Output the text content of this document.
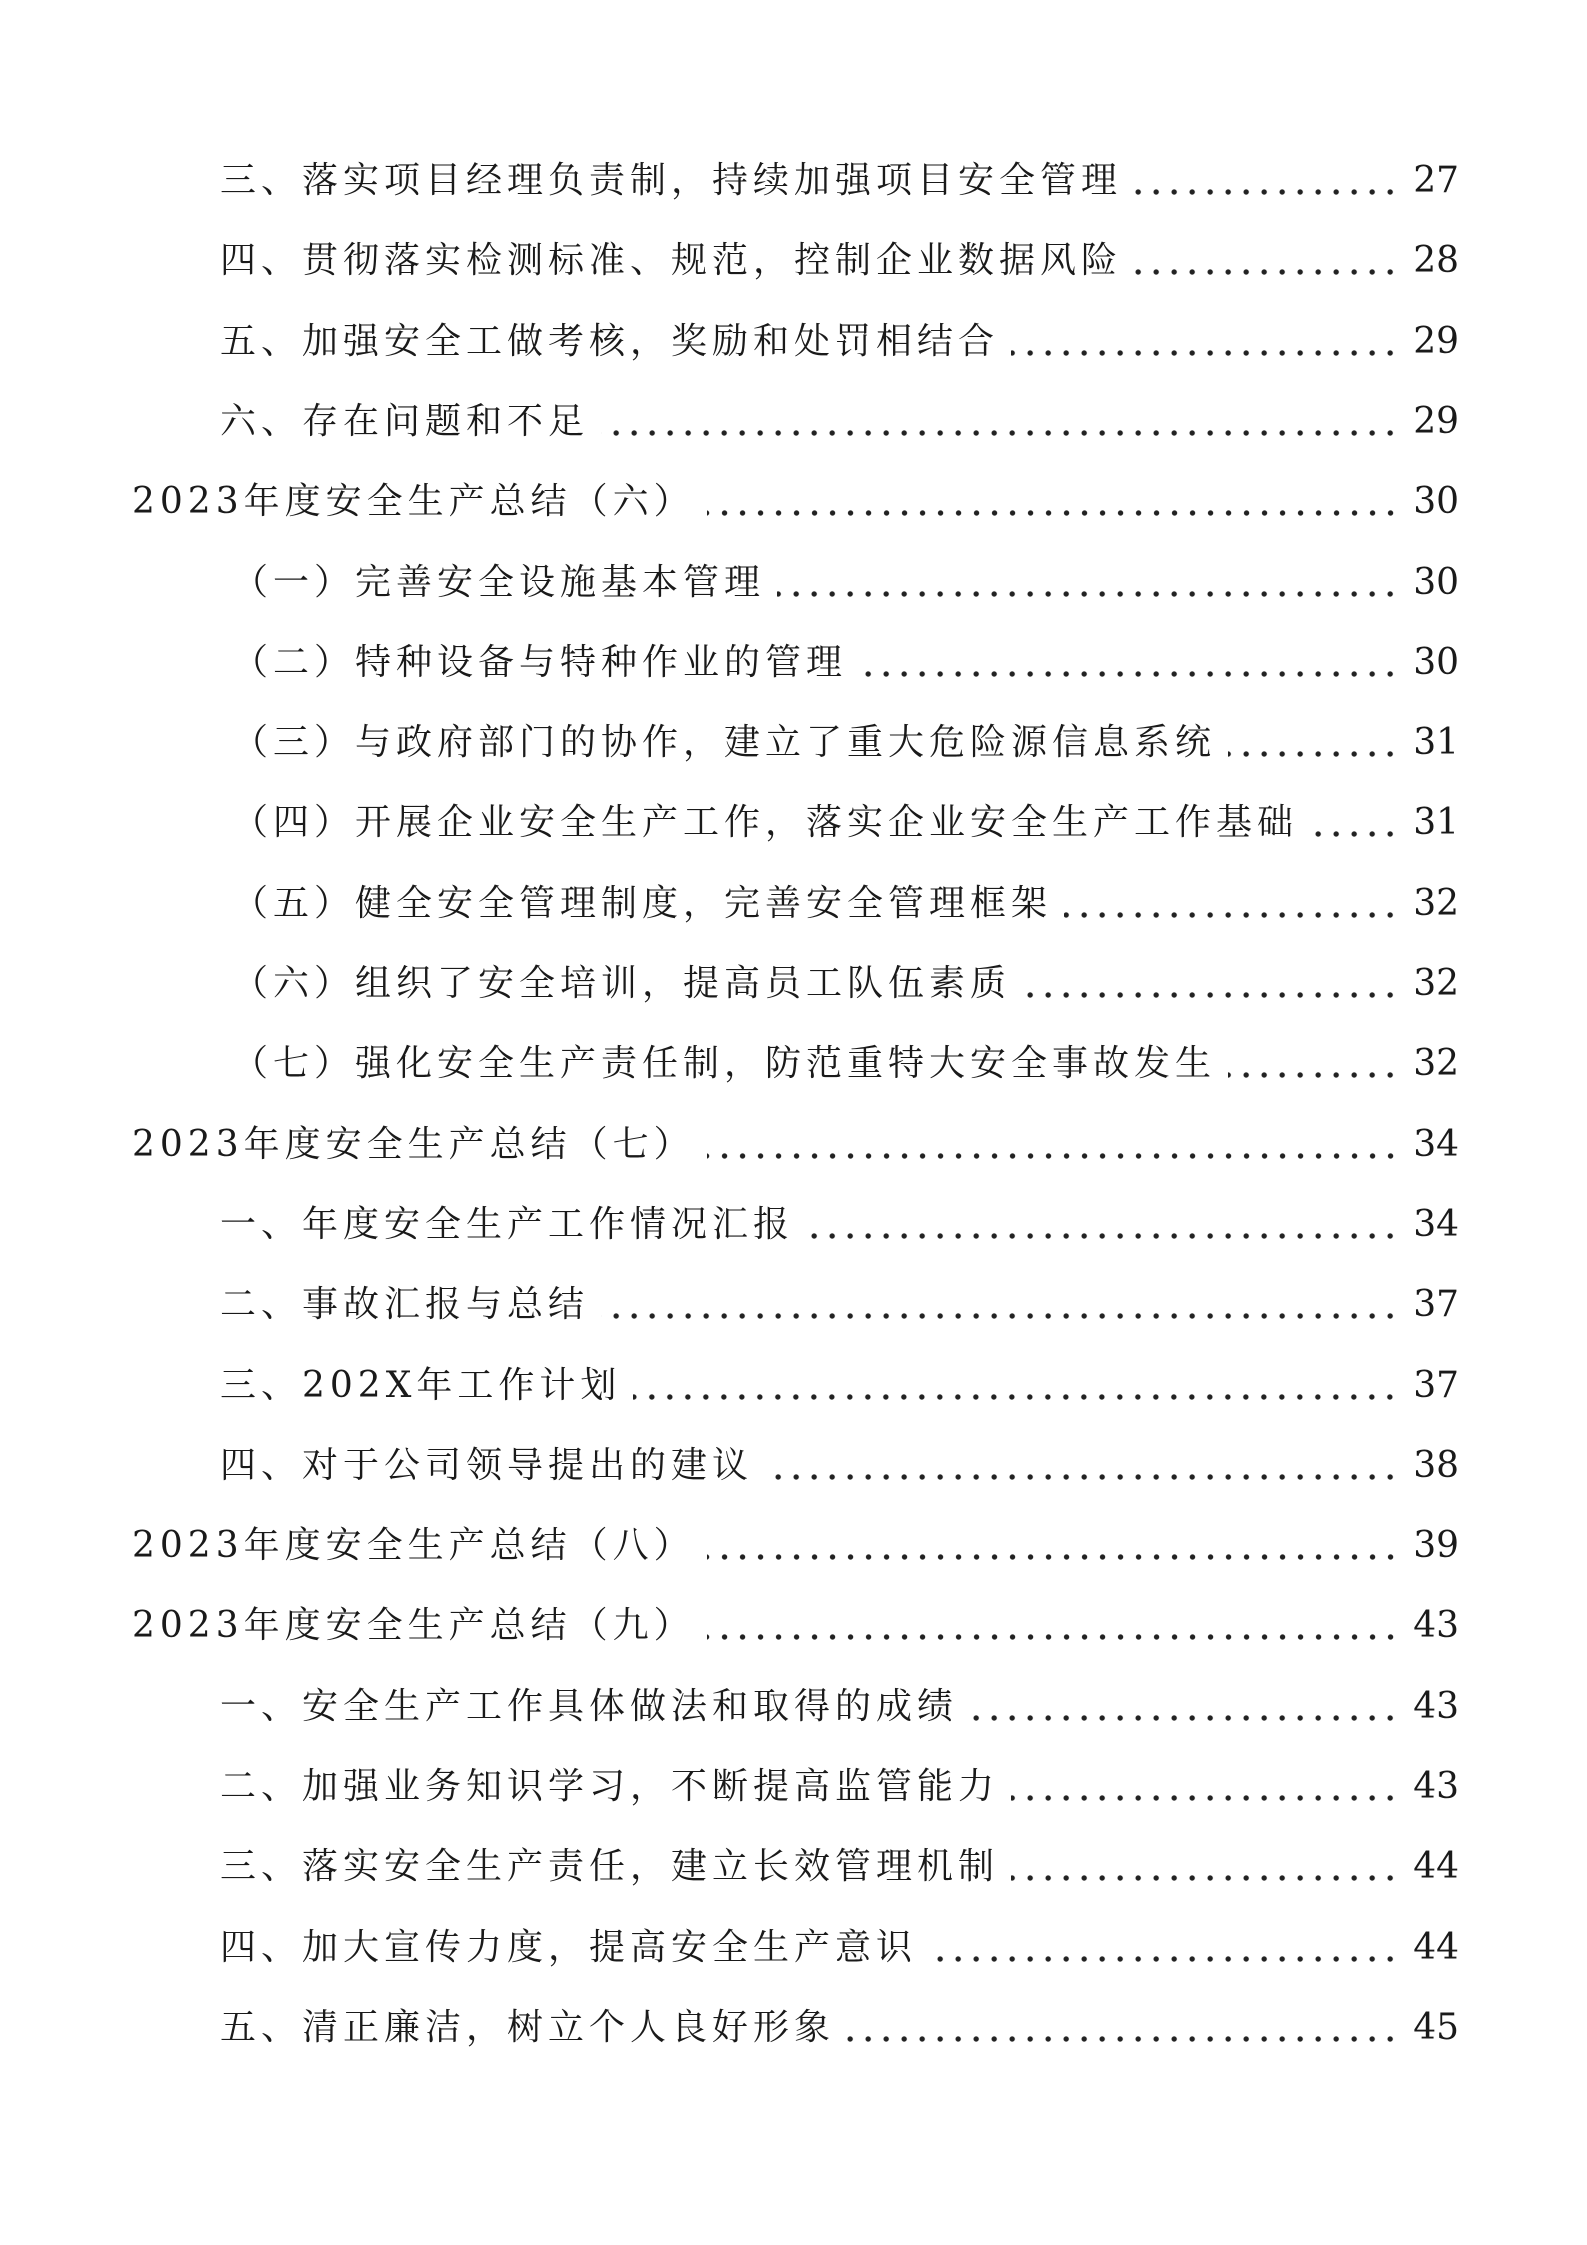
三、落实项目经理负责制，持续加强项目安全管理	27
四、贯彻落实检测标准、规范，控制企业数据风险	28
五、加强安全工做考核，奖励和处罚相结合	29
六、存在问题和不足	29
2023年度安全生产总结（六）	30
（一）完善安全设施基本管理	30
（二）特种设备与特种作业的管理	30
（三）与政府部门的协作，建立了重大危险源信息系统	31
（四）开展企业安全生产工作，落实企业安全生产工作基础	31
（五）健全安全管理制度，完善安全管理框架	32
（六）组织了安全培训，提高员工队伍素质	32
（七）强化安全生产责任制，防范重特大安全事故发生	32
2023年度安全生产总结（七）	34
一、年度安全生产工作情况汇报	34
二、事故汇报与总结	37
三、202X年工作计划	37
四、对于公司领导提出的建议	38
2023年度安全生产总结（八）	39
2023年度安全生产总结（九）	43
一、安全生产工作具体做法和取得的成绩	43
二、加强业务知识学习，不断提高监管能力	43
三、落实安全生产责任，建立长效管理机制	44
四、加大宣传力度，提高安全生产意识	44
五、清正廉洁，树立个人良好形象	45
